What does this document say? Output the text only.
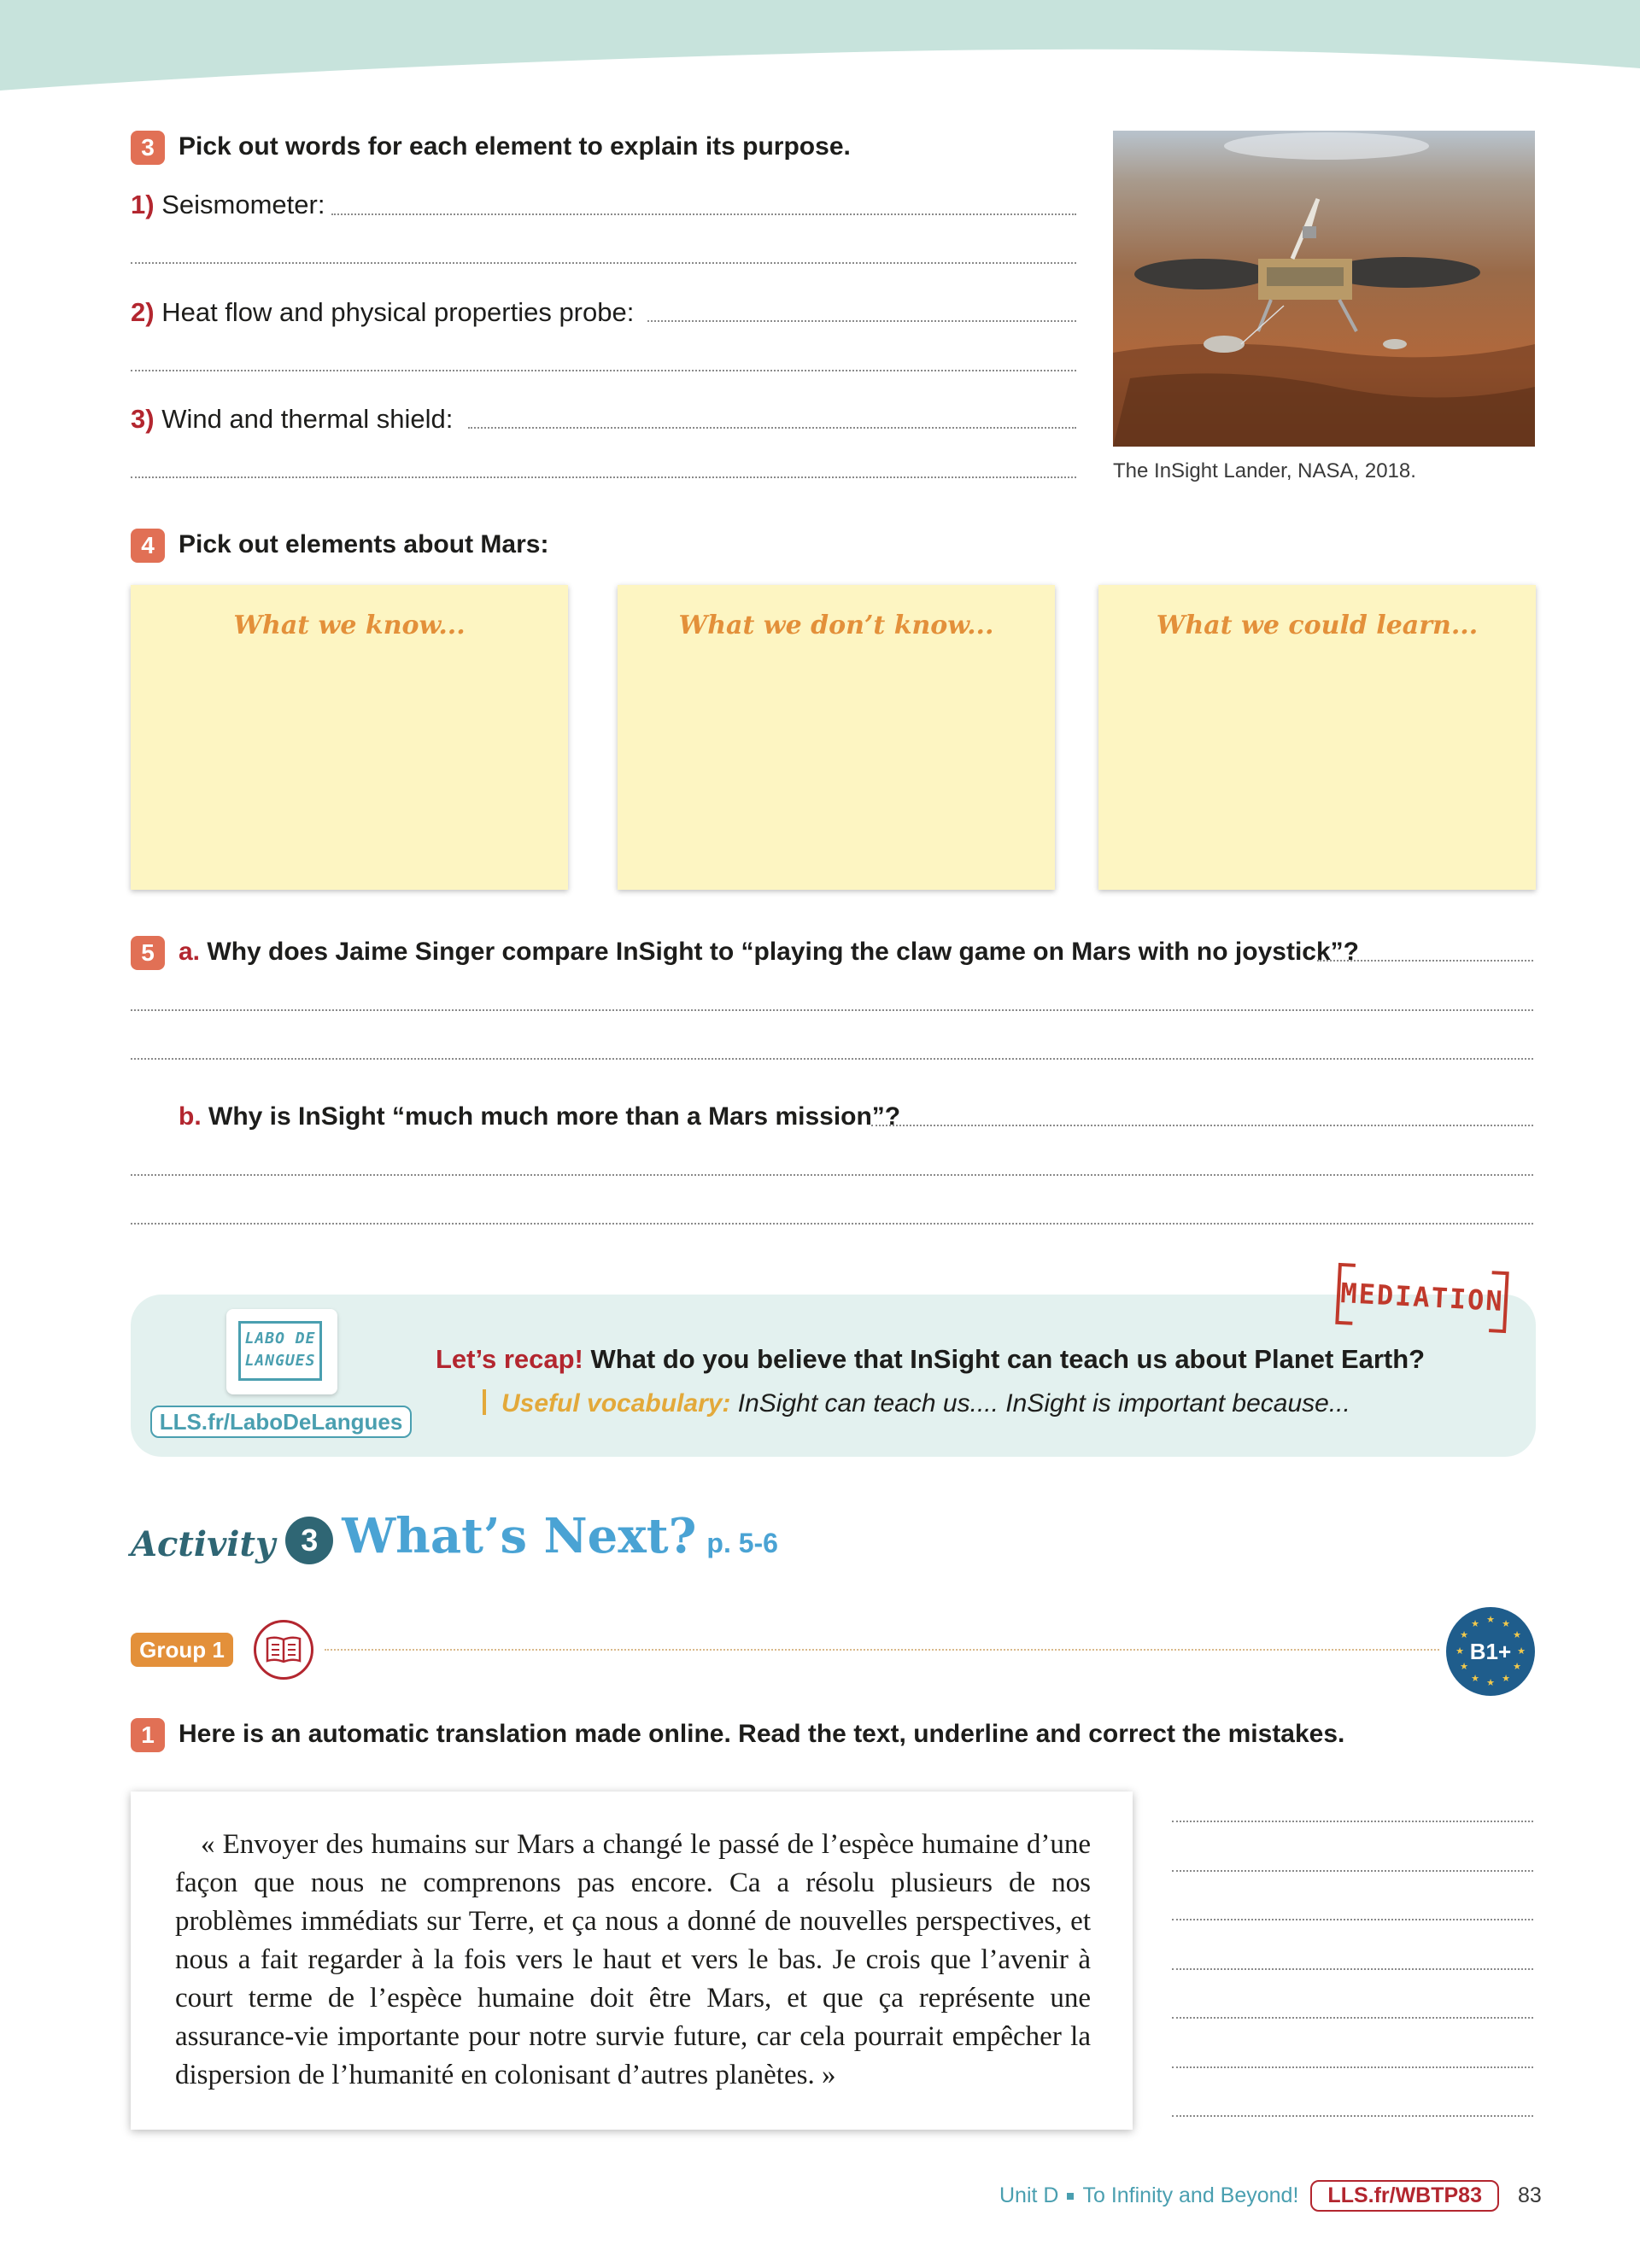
3 Pick out words for each element to explain its purpose.
1) Seismometer:
2) Heat flow and physical properties probe:
3) Wind and thermal shield:
The InSight Lander, NASA, 2018.
4 Pick out elements about Mars:
What we know...	What we don’t know...	What we could learn...
5 a. Why does Jaime Singer compare InSight to “playing the claw game on Mars with no joystick”?
b. Why is InSight “much much more than a Mars mission”?
LABO DE
LANGUES
LLS.fr/LaboDeLangues
MEDIATION
Let’s recap! What do you believe that InSight can teach us about Planet Earth?
Useful vocabulary: InSight can teach us.... InSight is important because...
Activity 3 What’s Next? p. 5-6
Group 1
★ ★
★
★
★
★
★
★
★
★
★
★
B1+
1 Here is an automatic translation made online. Read the text, underline and correct the mistakes.

« Envoyer des humains sur Mars a changé le passé de l’espèce humaine d’une façon que nous ne comprenons pas encore. Ca a résolu plusieurs de nos problèmes immédiats sur Terre, et ça nous a donné de nouvelles perspectives, et nous a fait regarder à la fois vers le haut et vers le bas. Je crois que l’avenir à court terme de l’espèce humaine doit être Mars, et que ça représente une assurance-vie importante pour notre survie future, car cela pourrait empêcher la dispersion de l’humanité en colonisant d’autres planètes. »

Unit D To Infinity and Beyond!	LLS.fr/WBTP83	83
